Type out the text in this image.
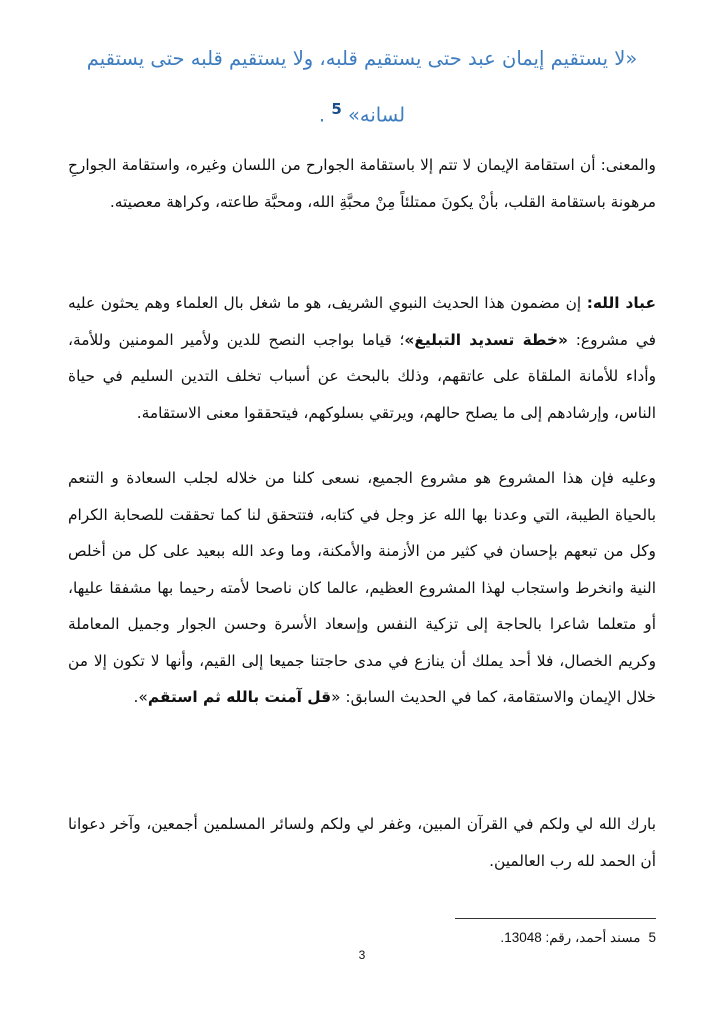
«لا يستقيم إيمان عبد حتى يستقيم قلبه، ولا يستقيم قلبه حتى يستقيم لسانه» $^5$ .

والمعنى: أن استقامة الإيمان لا تتم إلا باستقامة الجوارح من اللسان وغيره، واستقامة الجوارحِ مرهونة باستقامة القلب، بأنْ يكونَ ممتلئاً مِنْ محبَّةِ الله، ومحبَّة طاعته، وكراهة معصيته.

عباد الله: إن مضمون هذا الحديث النبوي الشريف، هو ما شغل بال العلماء وهم يحثون عليه في مشروع: «خطة تسديد التبليغ»؛ قياما بواجب النصح للدين ولأمير المومنين وللأمة، وأداء للأمانة الملقاة على عاتقهم، وذلك بالبحث عن أسباب تخلف التدين السليم في حياة الناس، وإرشادهم إلى ما يصلح حالهم، ويرتقي بسلوكهم، فيتحققوا معنى الاستقامة.

وعليه فإن هذا المشروع هو مشروع الجميع، نسعى كلنا من خلاله لجلب السعادة و التنعم بالحياة الطيبة، التي وعدنا بها الله عز وجل في كتابه، فتتحقق لنا كما تحققت للصحابة الكرام وكل من تبعهم بإحسان في كثير من الأزمنة والأمكنة، وما وعد الله ببعيد على كل من أخلص النية وانخرط واستجاب لهذا المشروع العظيم، عالما كان ناصحا لأمته رحيما بها مشفقا عليها، أو متعلما شاعرا بالحاجة إلى تزكية النفس وإسعاد الأسرة وحسن الجوار وجميل المعاملة وكريم الخصال، فلا أحد يملك أن ينازع في مدى حاجتنا جميعا إلى القيم، وأنها لا تكون إلا من خلال الإيمان والاستقامة، كما في الحديث السابق: «قل آمنت بالله ثم استقم».

بارك الله لي ولكم في القرآن المبين، وغفر لي ولكم ولسائر المسلمين أجمعين، وآخر دعوانا أن الحمد لله رب العالمين.

5مسند أحمد، رقم: 13048.
3
